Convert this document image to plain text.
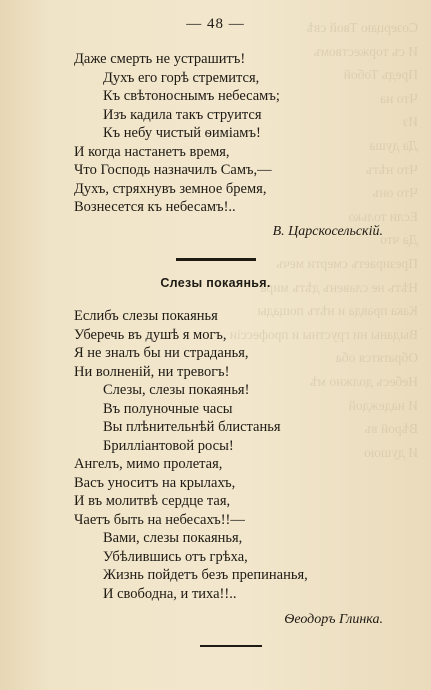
Созерцаю Твой свѣ
И съ торжествомъ
Предъ Тобой
Что на
Из
Да душа
Что нѣтъ
Что онъ
Если только
Да что
Презираетъ смерти мечъ
Нѣтъ не славенъ дѣтъ мира
Кака правда и нѣтъ пощады
Выданы ни грустны и профессіи
Обратятся оба
Небесъ должно мѣ
И надеждой
Вѣрой въ
И душою
— 48 —
Даже смерть не устрашитъ!
Духъ его горѣ стремится,
Къ свѣтоноснымъ небесамъ;
Изъ кадила такъ струится
Къ небу чистый ѳиміамъ!
И когда настанетъ время,
Что Господь назначилъ Самъ,—
Духъ, стряхнувъ земное бремя,
Вознесется къ небесамъ!..
В. Царскосельскій.
Слезы покаянья.
Еслибъ слезы покаянья
Уберечь въ душѣ я могъ,
Я не зналъ бы ни страданья,
Ни волненій, ни тревогъ!
Слезы, слезы покаянья!
Въ полуночные часы
Вы плѣнительнѣй блистанья
Бриллiантовой росы!
Ангелъ, мимо пролетая,
Васъ уноситъ на крылахъ,
И въ молитвѣ сердце тая,
Чаетъ быть на небесахъ!!—
Вами, слезы покаянья,
Убѣлившись отъ грѣха,
Жизнь пойдетъ безъ препинанья,
И свободна, и тиха!!..
Ѳеодоръ Глинка.
